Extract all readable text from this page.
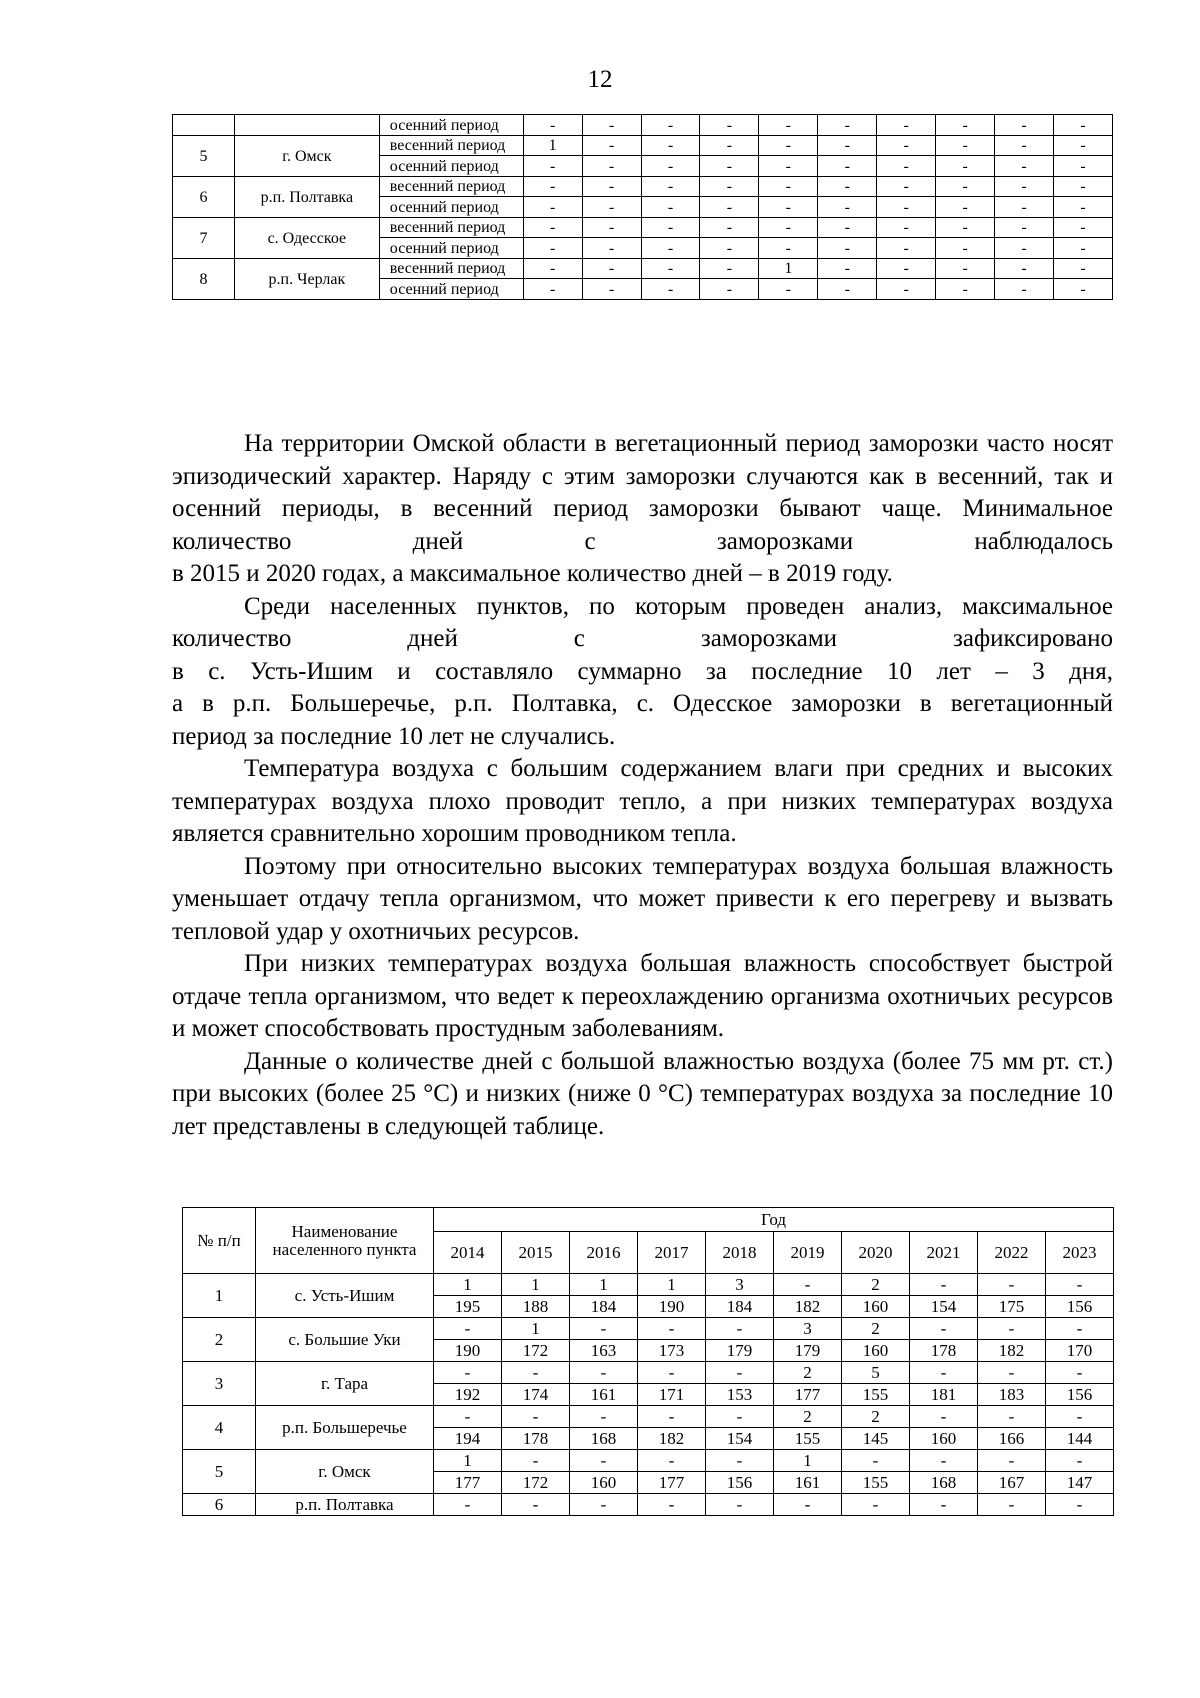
12
		осенний период	-	-	-	-	-	-	-	-	-	-
5	г. Омск	весенний период	1	-	-	-	-	-	-	-	-	-
		осенний период	-	-	-	-	-	-	-	-	-	-
6	р.п. Полтавка	весенний период	-	-	-	-	-	-	-	-	-	-
		осенний период	-	-	-	-	-	-	-	-	-	-
7	с. Одесское	весенний период	-	-	-	-	-	-	-	-	-	-
		осенний период	-	-	-	-	-	-	-	-	-	-
8	р.п. Черлак	весенний период	-	-	-	-	1	-	-	-	-	-
		осенний период	-	-	-	-	-	-	-	-	-	-

На территории Омской области в вегетационный период заморозки часто носят эпизодический характер. Наряду с этим заморозки случаются как в весенний, так и осенний периоды, в весенний период заморозки бывают чаще. Минимальное количество дней с заморозками наблюдалось

в 2015 и 2020 годах, а максимальное количество дней – в 2019 году.

Среди населенных пунктов, по которым проведен анализ, максимальное
количество дней с заморозками зафиксировано
в с. Усть-Ишим и составляло суммарно за последние 10 лет – 3 дня,
а в р.п. Большеречье, р.п. Полтавка, с. Одесское заморозки в вегетационный
период за последние 10 лет не случались.

Температура воздуха с большим содержанием влаги при средних и высоких температурах воздуха плохо проводит тепло, а при низких температурах воздуха является сравнительно хорошим проводником тепла.

Поэтому при относительно высоких температурах воздуха большая влажность уменьшает отдачу тепла организмом, что может привести к его перегреву и вызвать тепловой удар у охотничьих ресурсов.

При низких температурах воздуха большая влажность способствует быстрой отдаче тепла организмом, что ведет к переохлаждению организма охотничьих ресурсов и может способствовать простудным заболеваниям.

Данные о количестве дней с большой влажностью воздуха (более 75 мм рт. ст.) при высоких (более 25 °С) и низких (ниже 0 °С) температурах воздуха за последние 10 лет представлены в следующей таблице.

№ п/п	Наименование населенного пункта	Год									
		2014	2015	2016	2017	2018	2019	2020	2021	2022	2023
1	с. Усть-Ишим	1	1	1	1	3	-	2	-	-	-
		195	188	184	190	184	182	160	154	175	156
2	с. Большие Уки	-	1	-	-	-	3	2	-	-	-
		190	172	163	173	179	179	160	178	182	170
3	г. Тара	-	-	-	-	-	2	5	-	-	-
		192	174	161	171	153	177	155	181	183	156
4	р.п. Большеречье	-	-	-	-	-	2	2	-	-	-
		194	178	168	182	154	155	145	160	166	144
5	г. Омск	1	-	-	-	-	1	-	-	-	-
		177	172	160	177	156	161	155	168	167	147
6	р.п. Полтавка	-	-	-	-	-	-	-	-	-	-
